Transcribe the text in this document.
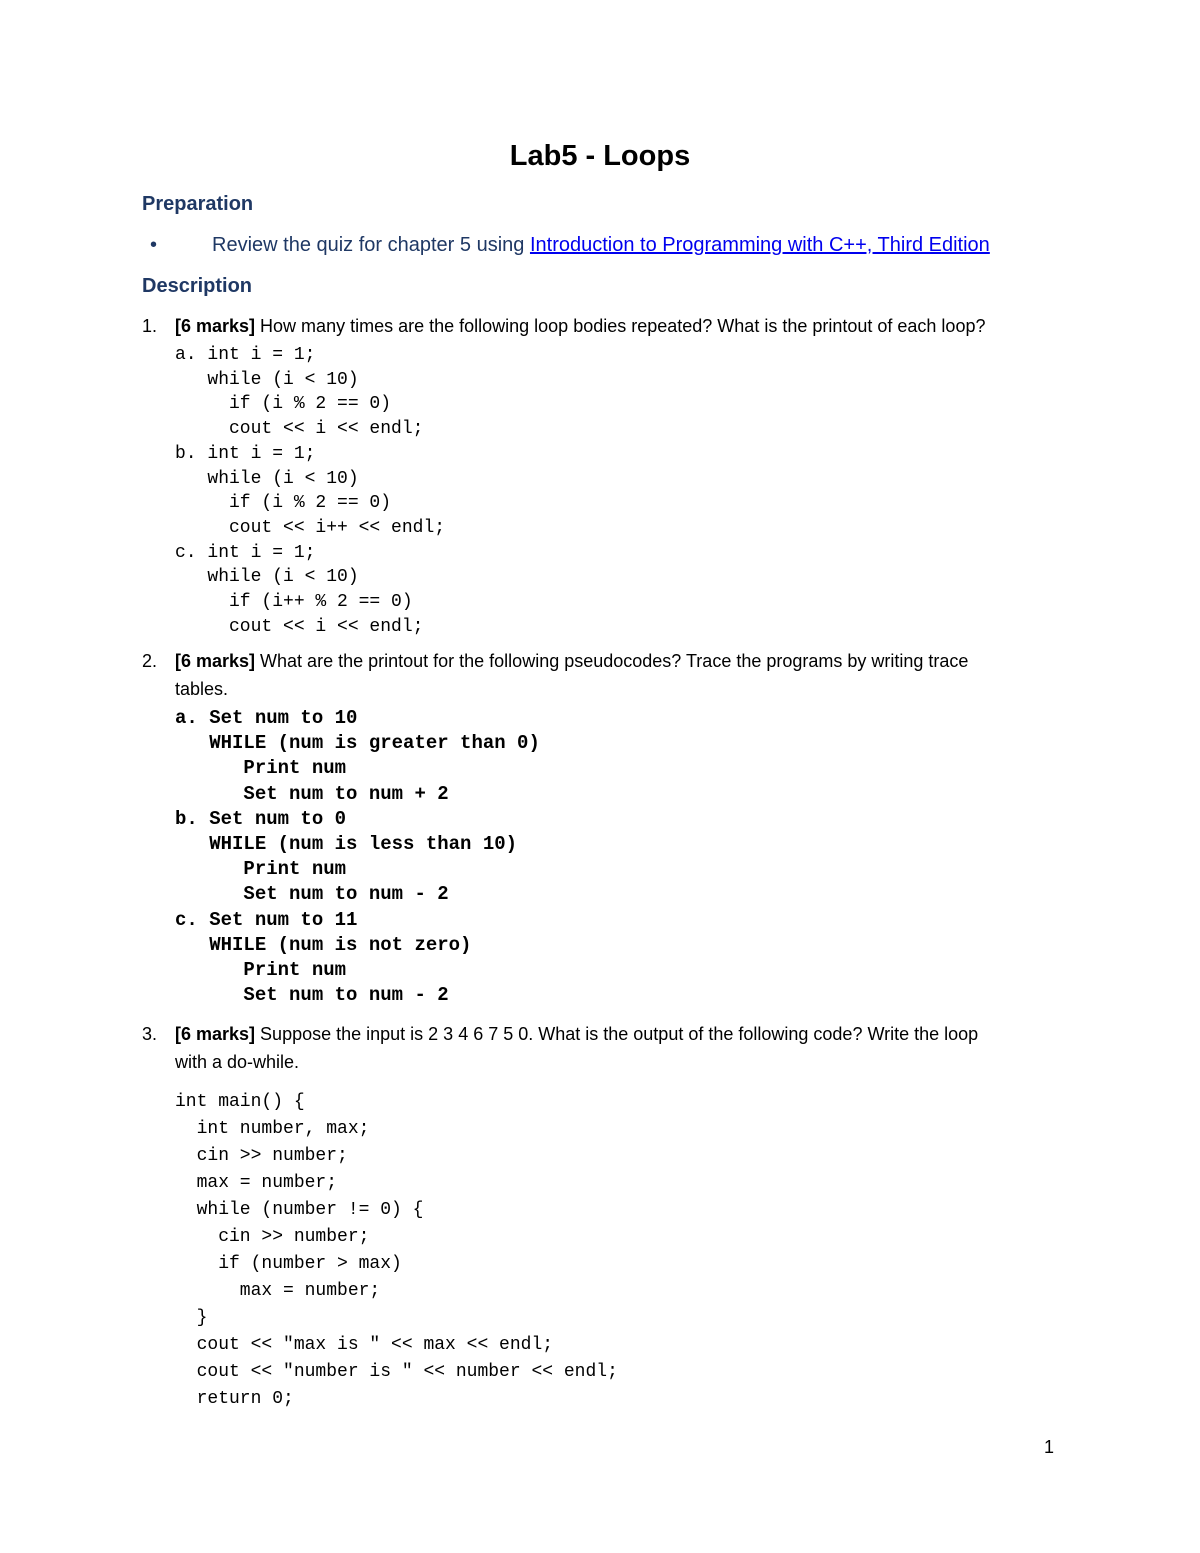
Lab5 - Loops
Preparation
•	Review the quiz for chapter 5 using Introduction to Programming with C++, Third Edition
Description
1. [6 marks] How many times are the following loop bodies repeated? What is the printout of each loop?
a. int i = 1;
while (i < 10)
if (i % 2 == 0)
cout << i << endl;
b. int i = 1;
while (i < 10)
if (i % 2 == 0)
cout << i++ << endl;
c. int i = 1;
while (i < 10)
if (i++ % 2 == 0)
cout << i << endl;
2. [6 marks] What are the printout for the following pseudocodes? Trace the programs by writing trace
tables.
a. Set num to 10
WHILE (num is greater than 0)
Print num
Set num to num + 2
b. Set num to 0
WHILE (num is less than 10)
Print num
Set num to num - 2
c. Set num to 11
WHILE (num is not zero)
Print num
Set num to num - 2
3. [6 marks] Suppose the input is 2 3 4 6 7 5 0. What is the output of the following code? Write the loop
with a do-while.
int main() {
int number, max;
cin >> number;
max = number;
while (number != 0) {
cin >> number;
if (number > max)
max = number;
}
cout << "max is " << max << endl;
cout << "number is " << number << endl;
return 0;
1
